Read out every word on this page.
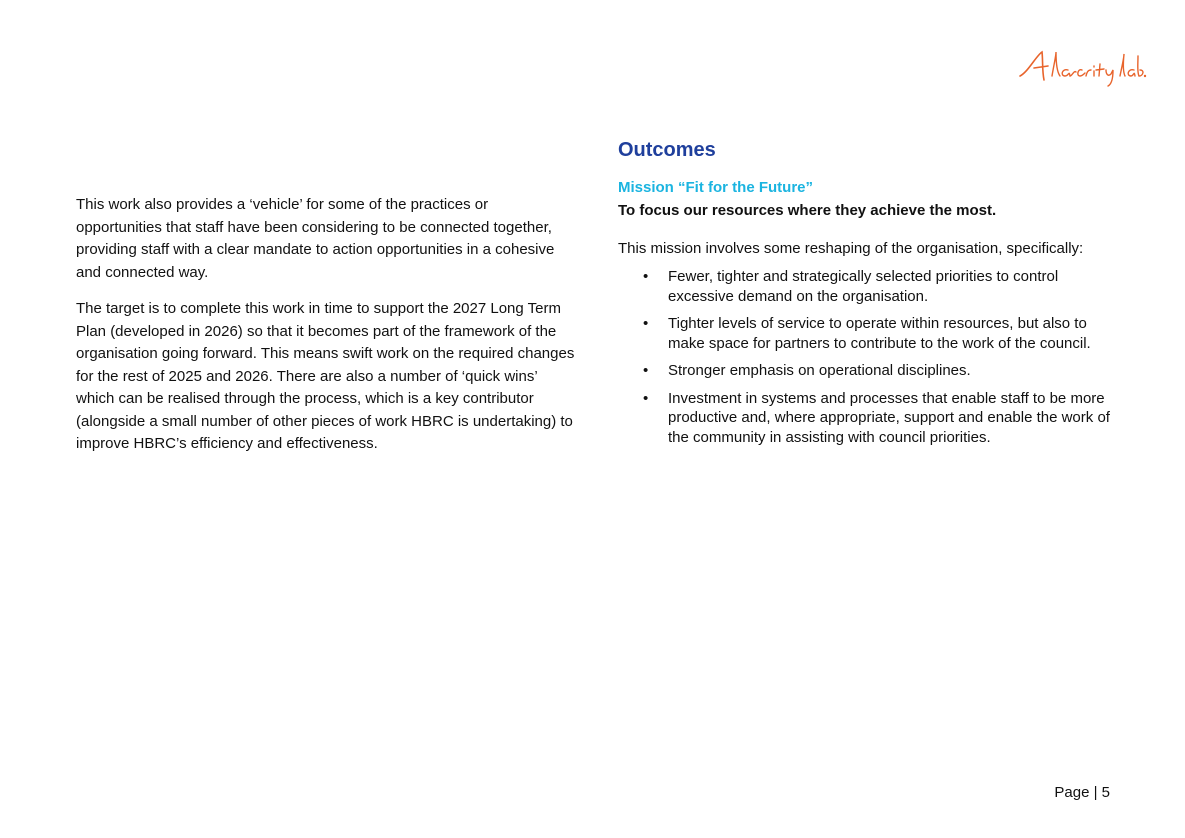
This work also provides a ‘vehicle’ for some of the practices or opportunities that staff have been considering to be connected together, providing staff with a clear mandate to action opportunities in a cohesive and connected way.

The target is to complete this work in time to support the 2027 Long Term Plan (developed in 2026) so that it becomes part of the framework of the organisation going forward. This means swift work on the required changes for the rest of 2025 and 2026. There are also a number of ‘quick wins’ which can be realised through the process, which is a key contributor (alongside a small number of other pieces of work HBRC is undertaking) to improve HBRC’s efficiency and effectiveness.

Outcomes
Mission “Fit for the Future”
To focus our resources where they achieve the most.
This mission involves some reshaping of the organisation, specifically:
• Fewer, tighter and strategically selected priorities to control excessive demand on the organisation.
• Tighter levels of service to operate within resources, but also to make space for partners to contribute to the work of the council.
• Stronger emphasis on operational disciplines.
• Investment in systems and processes that enable staff to be more productive and, where appropriate, support and enable the work of the community in assisting with council priorities.
Page | 5
